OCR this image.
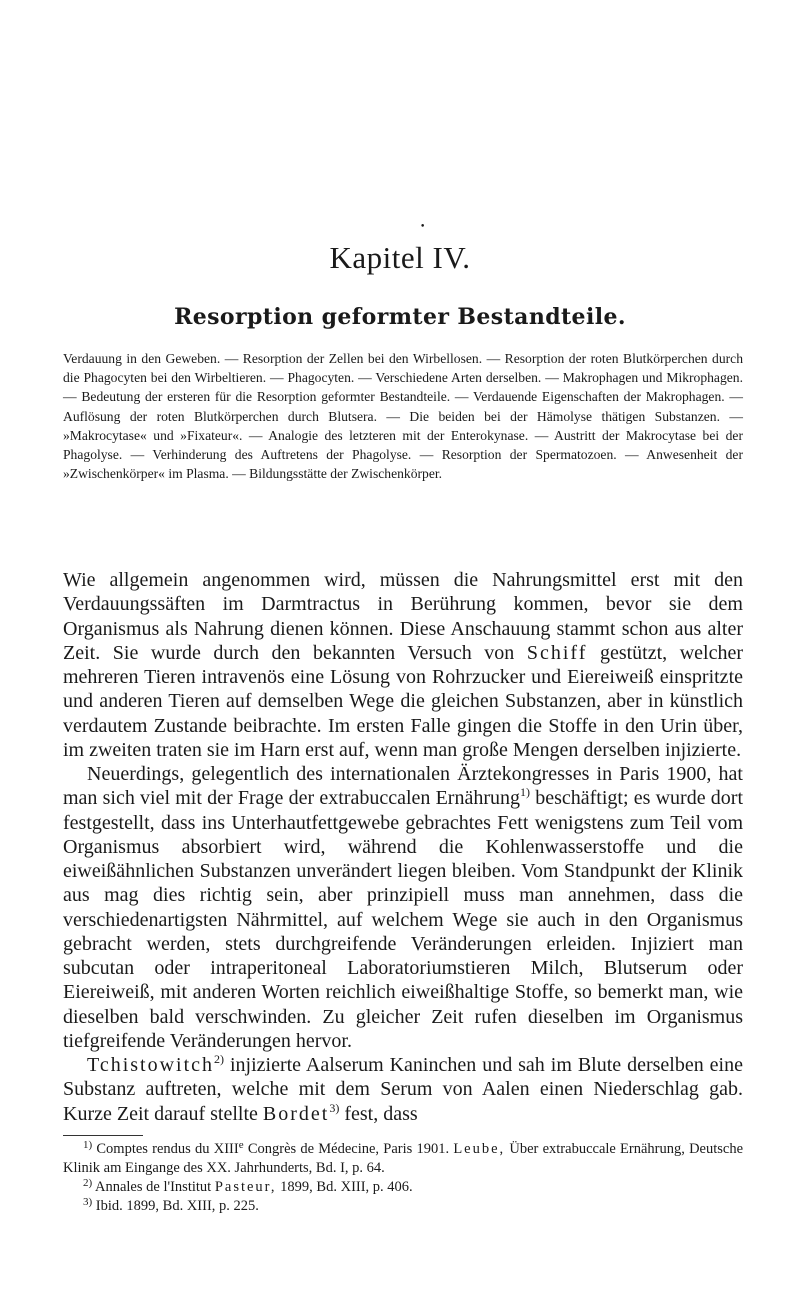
•
Kapitel IV.
Resorption geformter Bestandteile.
Verdauung in den Geweben. — Resorption der Zellen bei den Wirbellosen. — Resorption der roten Blutkörperchen durch die Phagocyten bei den Wirbeltieren. — Phagocyten. — Verschiedene Arten derselben. — Makrophagen und Mikrophagen. — Bedeutung der ersteren für die Resorption geformter Bestandteile. — Verdauende Eigenschaften der Makrophagen. — Auflösung der roten Blutkörperchen durch Blutsera. — Die beiden bei der Hämolyse thätigen Substanzen. — »Makrocytase« und »Fixateur«. — Analogie des letzteren mit der Enterokynase. — Austritt der Makrocytase bei der Phagolyse. — Verhinderung des Auftretens der Phagolyse. — Resorption der Spermatozoen. — Anwesenheit der »Zwischenkörper« im Plasma. — Bildungsstätte der Zwischenkörper.

Wie allgemein angenommen wird, müssen die Nahrungsmittel erst mit den Verdauungssäften im Darmtractus in Berührung kommen, bevor sie dem Organismus als Nahrung dienen können. Diese Anschauung stammt schon aus alter Zeit. Sie wurde durch den bekannten Versuch von Schiff gestützt, welcher mehreren Tieren intravenös eine Lösung von Rohrzucker und Eiereiweiß einspritzte und anderen Tieren auf demselben Wege die gleichen Substanzen, aber in künstlich verdautem Zustande beibrachte. Im ersten Falle gingen die Stoffe in den Urin über, im zweiten traten sie im Harn erst auf, wenn man große Mengen derselben injizierte.

Neuerdings, gelegentlich des internationalen Ärztekongresses in Paris 1900, hat man sich viel mit der Frage der extrabuccalen Ernährung$^{1)}$ beschäftigt; es wurde dort festgestellt, dass ins Unterhautfettgewebe gebrachtes Fett wenigstens zum Teil vom Organismus absorbiert wird, während die Kohlenwasserstoffe und die eiweißähnlichen Substanzen unverändert liegen bleiben. Vom Standpunkt der Klinik aus mag dies richtig sein, aber prinzipiell muss man annehmen, dass die verschiedenartigsten Nährmittel, auf welchem Wege sie auch in den Organismus gebracht werden, stets durchgreifende Veränderungen erleiden. Injiziert man subcutan oder intraperitoneal Laboratoriumstieren Milch, Blutserum oder Eiereiweiß, mit anderen Worten reichlich eiweißhaltige Stoffe, so bemerkt man, wie dieselben bald verschwinden. Zu gleicher Zeit rufen dieselben im Organismus tiefgreifende Veränderungen hervor.

Tchistowitch$^{2)}$ injizierte Aalserum Kaninchen und sah im Blute derselben eine Substanz auftreten, welche mit dem Serum von Aalen einen Niederschlag gab. Kurze Zeit darauf stellte Bordet$^{3)}$ fest, dass

$^{1)}$ Comptes rendus du XIIIe Congrès de Médecine, Paris 1901. Leube, Über extrabuccale Ernährung, Deutsche Klinik am Eingange des XX. Jahrhunderts, Bd. I, p. 64.

$^{2)}$ Annales de l'Institut Pasteur, 1899, Bd. XIII, p. 406.

$^{3)}$ Ibid. 1899, Bd. XIII, p. 225.
